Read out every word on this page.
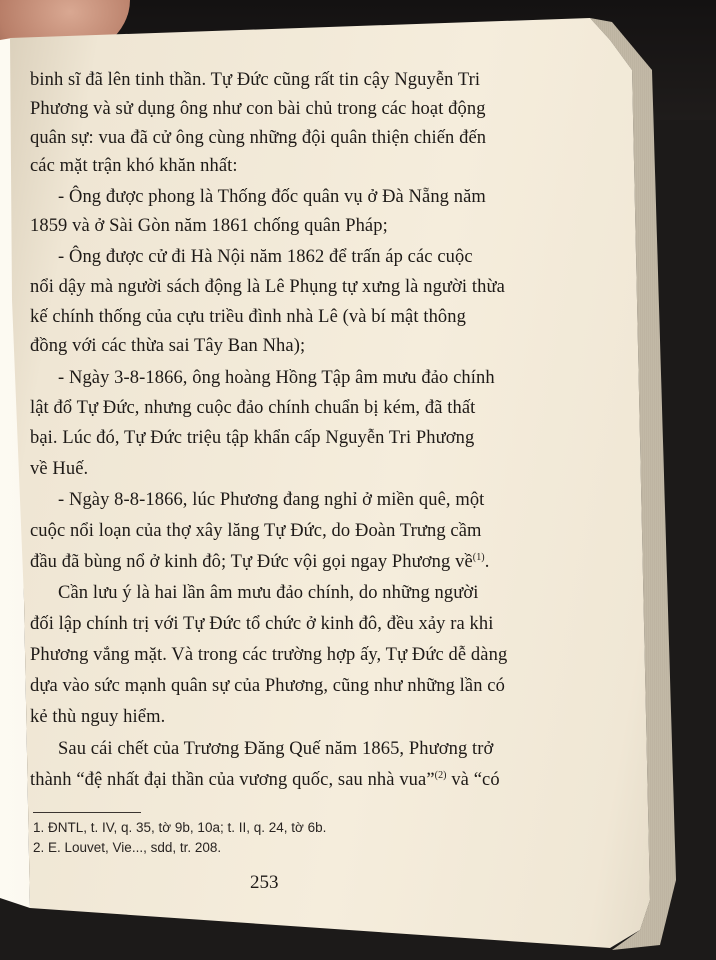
binh sĩ đã lên tinh thần. Tự Đức cũng rất tin cậy Nguyễn Tri
Phương và sử dụng ông như con bài chủ trong các hoạt động
quân sự: vua đã cử ông cùng những đội quân thiện chiến đến
các mặt trận khó khăn nhất:
- Ông được phong là Thống đốc quân vụ ở Đà Nẵng năm
1859 và ở Sài Gòn năm 1861 chống quân Pháp;
- Ông được cử đi Hà Nội năm 1862 để trấn áp các cuộc
nổi dậy mà người sách động là Lê Phụng tự xưng là người thừa
kế chính thống của cựu triều đình nhà Lê (và bí mật thông
đồng với các thừa sai Tây Ban Nha);
- Ngày 3-8-1866, ông hoàng Hồng Tập âm mưu đảo chính
lật đổ Tự Đức, nhưng cuộc đảo chính chuẩn bị kém, đã thất
bại. Lúc đó, Tự Đức triệu tập khẩn cấp Nguyễn Tri Phương
về Huế.
- Ngày 8-8-1866, lúc Phương đang nghỉ ở miền quê, một
cuộc nổi loạn của thợ xây lăng Tự Đức, do Đoàn Trưng cầm
đầu đã bùng nổ ở kinh đô; Tự Đức vội gọi ngay Phương về$^{(1)}$.
Cần lưu ý là hai lần âm mưu đảo chính, do những người
đối lập chính trị với Tự Đức tổ chức ở kinh đô, đều xảy ra khi
Phương vắng mặt. Và trong các trường hợp ấy, Tự Đức dễ dàng
dựa vào sức mạnh quân sự của Phương, cũng như những lần có
kẻ thù nguy hiểm.
Sau cái chết của Trương Đăng Quế năm 1865, Phương trở
thành “đệ nhất đại thần của vương quốc, sau nhà vua”$^{(2)}$ và “có
1. ĐNTL, t. IV, q. 35, tờ 9b, 10a; t. II, q. 24, tờ 6b.
2. E. Louvet, Vie..., sdd, tr. 208.
253
